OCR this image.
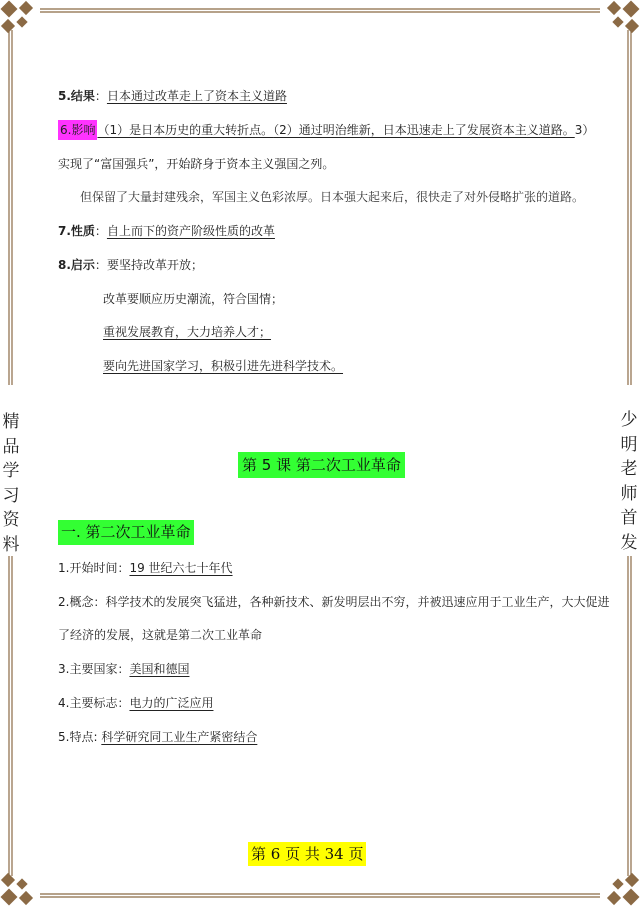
精
品
学
习
资
料
少
明
老
师
首
发
5.结果：日本通过改革走上了资本主义道路
6.影响 （1）是日本历史的重大转折点。（2）通过明治维新，日本迅速走上了发展资本主义道路。3）
实现了“富国强兵”，开始跻身于资本主义强国之列。
但保留了大量封建残余，军国主义色彩浓厚。日本强大起来后，很快走了对外侵略扩张的道路。
7.性质：自上而下的资产阶级性质的改革
8.启示：要坚持改革开放；
改革要顺应历史潮流，符合国情；
重视发展教育，大力培养人才；
要向先进国家学习，积极引进先进科学技术。
第 5 课 第二次工业革命
一. 第二次工业革命
1.开始时间：19 世纪六七十年代
2.概念：科学技术的发展突飞猛进，各种新技术、新发明层出不穷，并被迅速应用于工业生产，大大促进
了经济的发展，这就是第二次工业革命
3.主要国家：美国和德国
4.主要标志：电力的广泛应用
5.特点: 科学研究同工业生产紧密结合
第 6 页 共 34 页
